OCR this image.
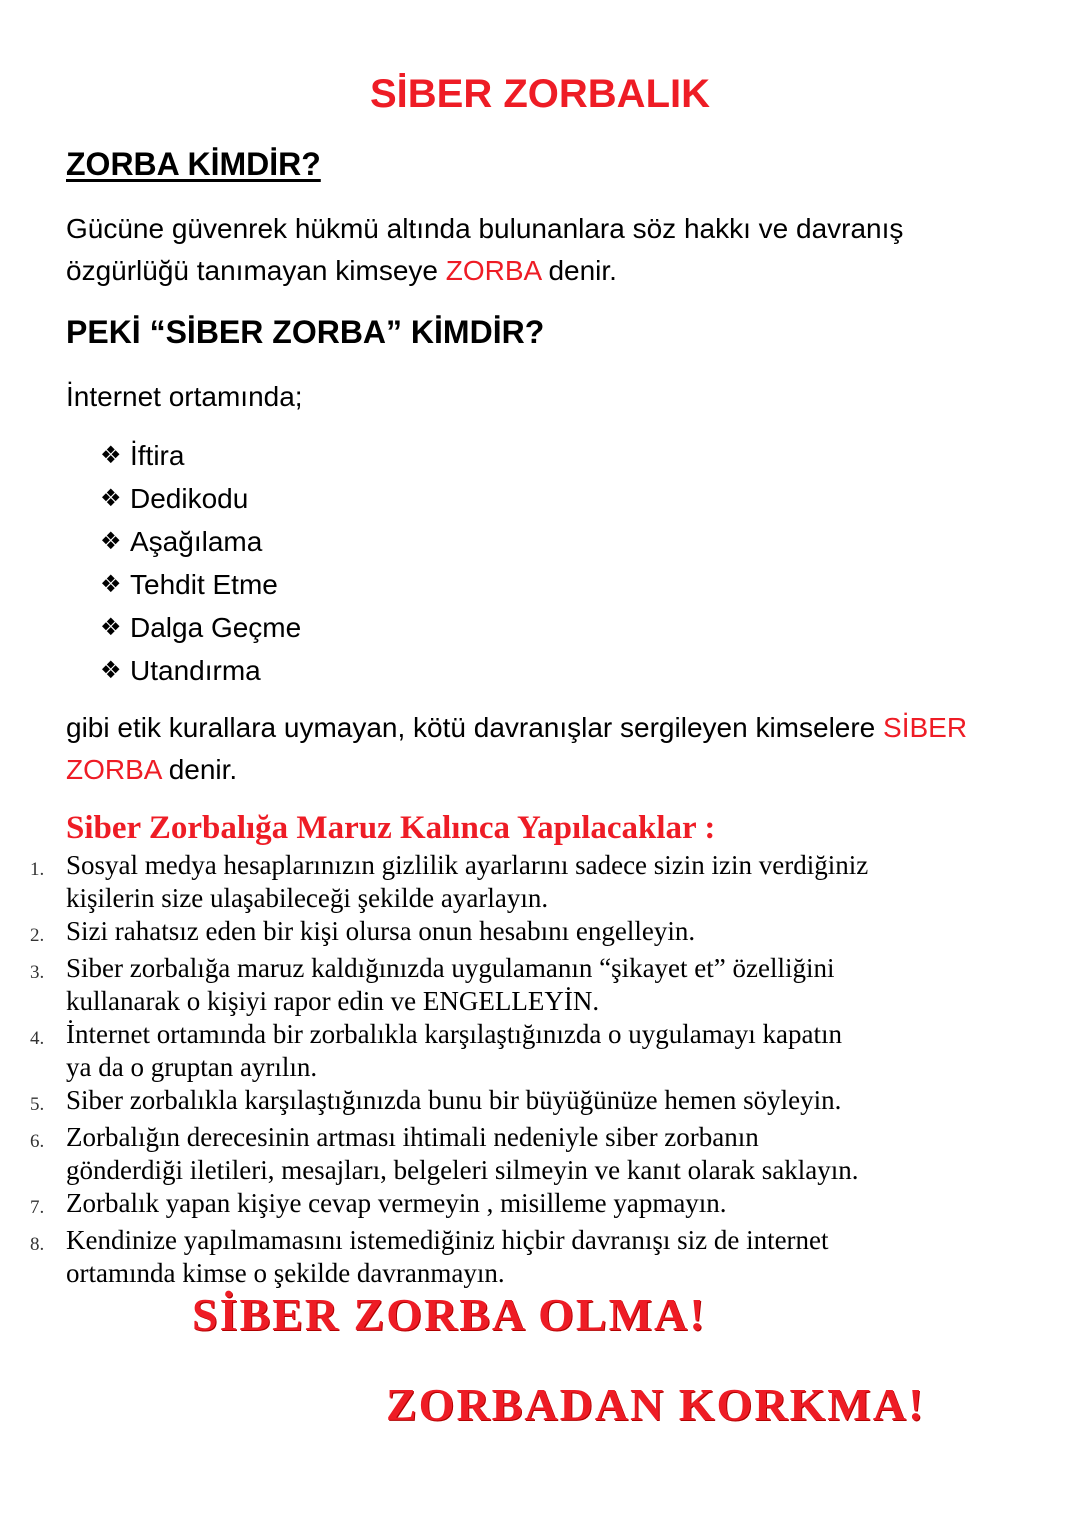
SİBER ZORBALIK
ZORBA KİMDİR?
Gücüne güvenrek hükmü altında bulunanlara söz hakkı ve davranış
özgürlüğü tanımayan kimseye ZORBA denir.
PEKİ “SİBER ZORBA” KİMDİR?
İnternet ortamında;
❖ İftira
❖ Dedikodu
❖ Aşağılama
❖ Tehdit Etme
❖ Dalga Geçme
❖ Utandırma
gibi etik kurallara uymayan, kötü davranışlar sergileyen kimselere SİBER
ZORBA denir.
Siber Zorbalığa Maruz Kalınca Yapılacaklar :
1. Sosyal medya hesaplarınızın gizlilik ayarlarını sadece sizin izin verdiğiniz
kişilerin size ulaşabileceği şekilde ayarlayın.
2. Sizi rahatsız eden bir kişi olursa onun hesabını engelleyin.
3. Siber zorbalığa maruz kaldığınızda uygulamanın “şikayet et” özelliğini
kullanarak o kişiyi rapor edin ve ENGELLEYİN.
4. İnternet ortamında bir zorbalıkla karşılaştığınızda o uygulamayı kapatın
ya da o gruptan ayrılın.
5. Siber zorbalıkla karşılaştığınızda bunu bir büyüğünüze hemen söyleyin.
6. Zorbalığın derecesinin artması ihtimali nedeniyle siber zorbanın
gönderdiği iletileri, mesajları, belgeleri silmeyin ve kanıt olarak saklayın.
7. Zorbalık yapan kişiye cevap vermeyin , misilleme yapmayın.
8. Kendinize yapılmamasını istemediğiniz hiçbir davranışı siz de internet
ortamında kimse o şekilde davranmayın.
SİBER ZORBA OLMA!
ZORBADAN KORKMA!
